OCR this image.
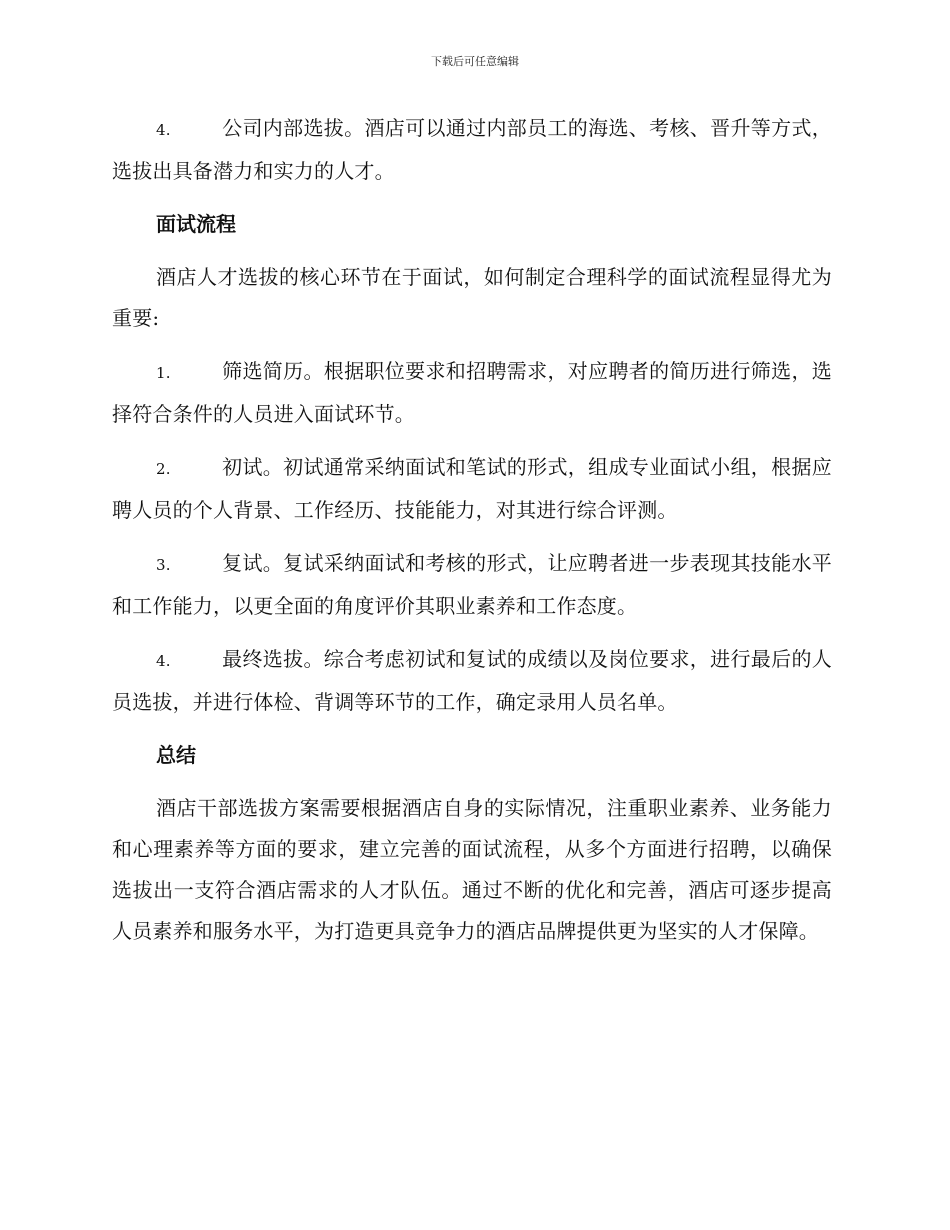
下载后可任意编辑

4.	公司内部选拔。酒店可以通过内部员工的海选、考核、晋升等方式，选拔出具备潜力和实力的人才。

面试流程

酒店人才选拔的核心环节在于面试，如何制定合理科学的面试流程显得尤为重要:

1.	筛选简历。根据职位要求和招聘需求，对应聘者的简历进行筛选，选择符合条件的人员进入面试环节。

2.	初试。初试通常采纳面试和笔试的形式，组成专业面试小组，根据应聘人员的个人背景、工作经历、技能能力，对其进行综合评测。

3.	复试。复试采纳面试和考核的形式，让应聘者进一步表现其技能水平和工作能力，以更全面的角度评价其职业素养和工作态度。

4.	最终选拔。综合考虑初试和复试的成绩以及岗位要求，进行最后的人员选拔，并进行体检、背调等环节的工作，确定录用人员名单。

总结

酒店干部选拔方案需要根据酒店自身的实际情况，注重职业素养、业务能力和心理素养等方面的要求，建立完善的面试流程，从多个方面进行招聘，以确保选拔出一支符合酒店需求的人才队伍。通过不断的优化和完善，酒店可逐步提高人员素养和服务水平，为打造更具竞争力的酒店品牌提供更为坚实的人才保障。
